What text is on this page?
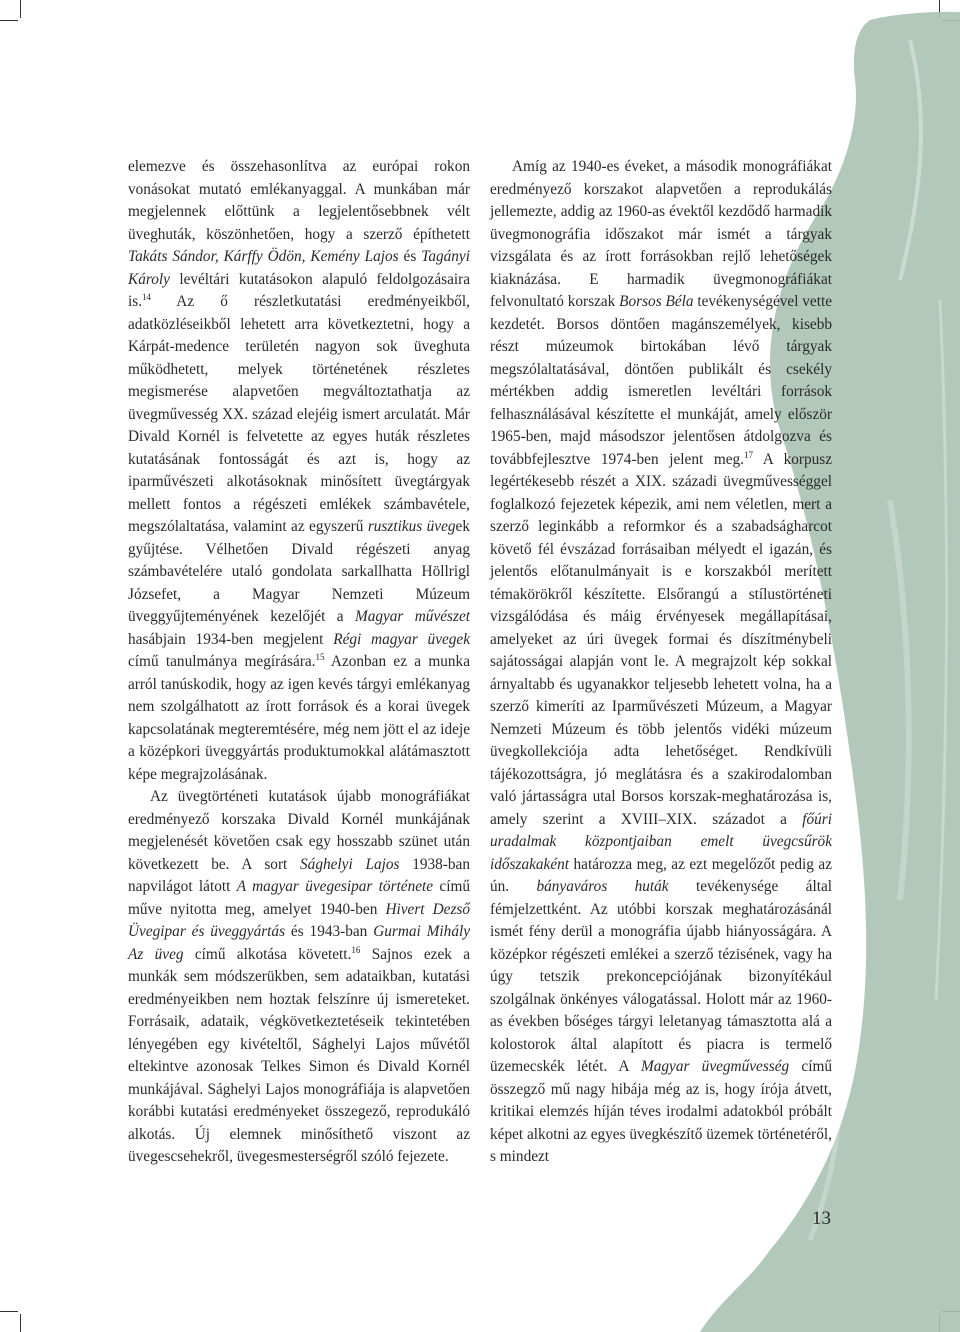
elemezve és összehasonlítva az európai rokon vonásokat mutató emlékanyaggal. A munkában már megjelennek előttünk a legjelentősebbnek vélt üveghuták, köszönhetően, hogy a szerző építhetett Takáts Sándor, Kárffy Ödön, Kemény Lajos és Tagányi Károly levéltári kutatásokon alapuló feldolgozásaira is.$^{14}$ Az ő részletkutatási eredményeikből, adatközléseikből lehetett arra következtetni, hogy a Kárpát-medence területén nagyon sok üveghuta működhetett, melyek történetének részletes megismerése alapvetően megváltoztathatja az üvegművesség XX. század elejéig ismert arculatát. Már Divald Kornél is felvetette az egyes huták részletes kutatásának fontosságát és azt is, hogy az iparművészeti alkotásoknak minősített üvegtárgyak mellett fontos a régészeti emlékek számbavétele, megszólaltatása, valamint az egyszerű rusztikus üvegek gyűjtése. Vélhetően Divald régészeti anyag számbavételére utaló gondolata sarkallhatta Höllrigl Józsefet, a Magyar Nemzeti Múzeum üveggyűjteményének kezelőjét a Magyar művészet hasábjain 1934-ben megjelent Régi magyar üvegek című tanulmánya megírására.$^{15}$ Azonban ez a munka arról tanúskodik, hogy az igen kevés tárgyi emlékanyag nem szolgálhatott az írott források és a korai üvegek kapcsolatának megteremtésére, még nem jött el az ideje a középkori üveggyártás produktumokkal alátámasztott képe megrajzolásának.

Az üvegtörténeti kutatások újabb monográfiákat eredményező korszaka Divald Kornél munkájának megjelenését követően csak egy hosszabb szünet után következett be. A sort Sághelyi Lajos 1938-ban napvilágot látott A magyar üvegesipar története című műve nyitotta meg, amelyet 1940-ben Hivert Dezső Üvegipar és üveggyártás és 1943-ban Gurmai Mihály Az üveg című alkotása követett.$^{16}$ Sajnos ezek a munkák sem módszerükben, sem adataikban, kutatási eredményeikben nem hoztak felszínre új ismereteket. Forrásaik, adataik, végkövetkeztetéseik tekintetében lényegében egy kivételtől, Sághelyi Lajos művétől eltekintve azonosak Telkes Simon és Divald Kornél munkájával. Sághelyi Lajos monográfiája is alapvetően korábbi kutatási eredményeket összegező, reprodukáló alkotás. Új elemnek minősíthető viszont az üvegescsehekről, üvegesmesterségről szóló fejezete.

Amíg az 1940-es éveket, a második monográfiákat eredményező korszakot alapvetően a reprodukálás jellemezte, addig az 1960-as évektől kezdődő harmadik üvegmonográfia időszakot már ismét a tárgyak vizsgálata és az írott forrásokban rejlő lehetőségek kiaknázása. E harmadik üvegmonográfiákat felvonultató korszak Borsos Béla tevékenységével vette kezdetét. Borsos döntően magánszemélyek, kisebb részt múzeumok birtokában lévő tárgyak megszólaltatásával, döntően publikált és csekély mértékben addig ismeretlen levéltári források felhasználásával készítette el munkáját, amely először 1965-ben, majd másodszor jelentősen átdolgozva és továbbfejlesztve 1974-ben jelent meg.$^{17}$ A korpusz legértékesebb részét a XIX. századi üvegművességgel foglalkozó fejezetek képezik, ami nem véletlen, mert a szerző leginkább a reformkor és a szabadságharcot követő fél évszázad forrásaiban mélyedt el igazán, és jelentős előtanulmányait is e korszakból merített témakörökről készítette. Elsőrangú a stílustörténeti vizsgálódása és máig érvényesek megállapításai, amelyeket az úri üvegek formai és díszítménybeli sajátosságai alapján vont le. A megrajzolt kép sokkal árnyaltabb és ugyanakkor teljesebb lehetett volna, ha a szerző kimeríti az Iparművészeti Múzeum, a Magyar Nemzeti Múzeum és több jelentős vidéki múzeum üvegkollekciója adta lehetőséget. Rendkívüli tájékozottságra, jó meglátásra és a szakirodalomban való jártasságra utal Borsos korszak-meghatározása is, amely szerint a XVIII–XIX. századot a főúri uradalmak központjaiban emelt üvegcsűrök időszakaként határozza meg, az ezt megelőzőt pedig az ún. bányaváros huták tevékenysége által fémjelzettként. Az utóbbi korszak meghatározásánál ismét fény derül a monográfia újabb hiányosságára. A középkor régészeti emlékei a szerző tézisének, vagy ha úgy tetszik prekoncepciójának bizonyítékául szolgálnak önkényes válogatással. Holott már az 1960-as években bőséges tárgyi leletanyag támasztotta alá a kolostorok által alapított és piacra is termelő üzemecskék létét. A Magyar üvegművesség című összegző mű nagy hibája még az is, hogy írója átvett, kritikai elemzés híján téves irodalmi adatokból próbált képet alkotni az egyes üvegkészítő üzemek történetéről, s mindezt

13
